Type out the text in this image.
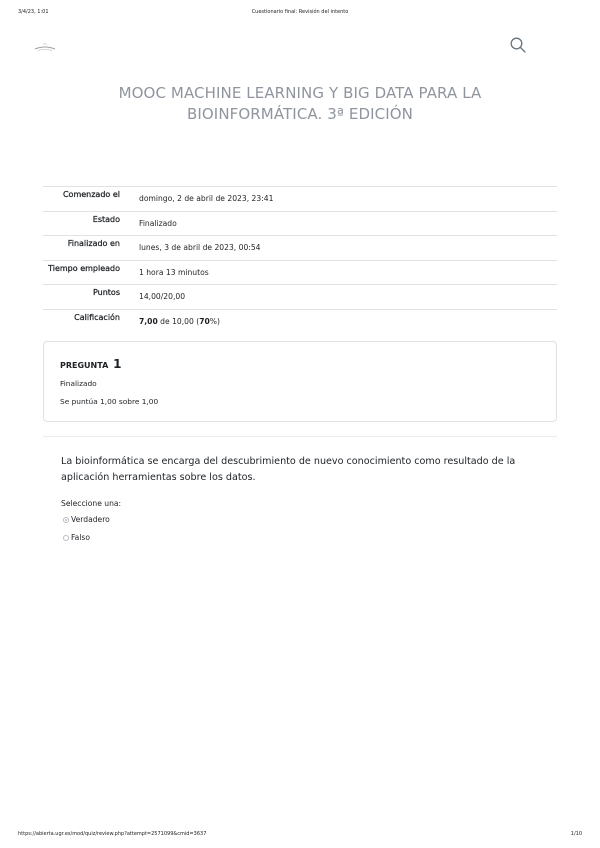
3/4/23, 1:01	Cuestionario final: Revisión del intento
MOOC MACHINE LEARNING Y BIG DATA PARA LA BIOINFORMÁTICA. 3ª EDICIÓN
Comenzado el	domingo, 2 de abril de 2023, 23:41
Estado	Finalizado
Finalizado en	lunes, 3 de abril de 2023, 00:54
Tiempo empleado	1 hora 13 minutos
Puntos	14,00/20,00
Calificación	7,00 de 10,00 (70%)
PREGUNTA 1
Finalizado
Se puntúa 1,00 sobre 1,00
La bioinformática se encarga del descubrimiento de nuevo conocimiento como resultado de la aplicación herramientas sobre los datos.
Seleccione una:
Verdadero
Falso
https://abierta.ugr.es/mod/quiz/review.php?attempt=2571099&cmid=3637	1/10
